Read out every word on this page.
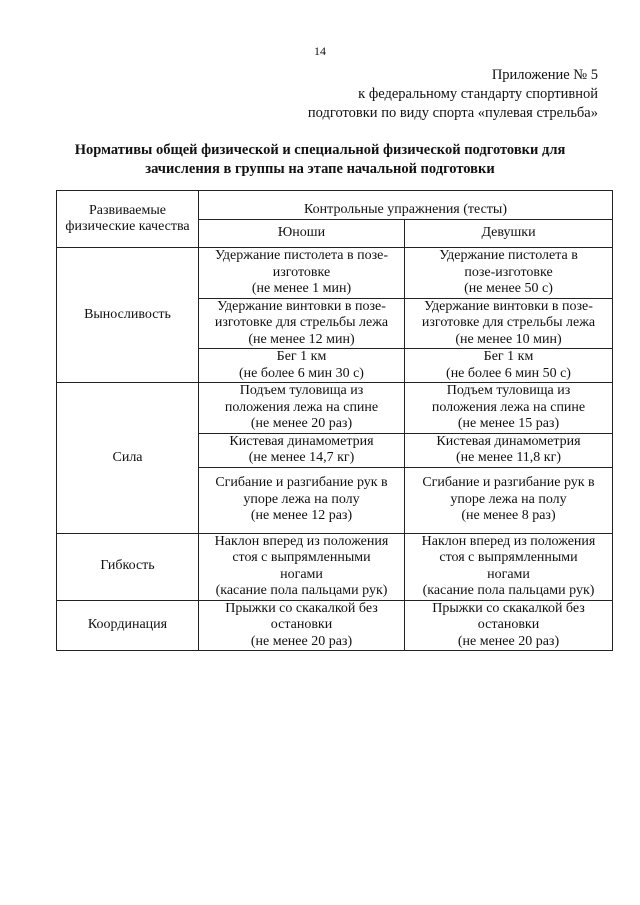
14
Приложение № 5
к федеральному стандарту спортивной
подготовки по виду спорта «пулевая стрельба»
Нормативы общей физической и специальной физической подготовки для
зачисления в группы на этапе начальной подготовки
Развиваемые физические качества	Контрольные упражнения (тесты)	
	Юноши	Девушки
Выносливость	Удержание пистолета в позе-
изготовке
(не менее 1 мин)	Удержание пистолета в
позе-изготовке
(не менее 50 с)

	Удержание винтовки в позе-
изготовке для стрельбы лежа
(не менее 12 мин)	Удержание винтовки в позе-
изготовке для стрельбы лежа
(не менее 10 мин)

	Бег 1 км
(не более 6 мин 30 с)	Бег 1 км
(не более 6 мин 50 с)

Сила	Подъем туловища из
положения лежа на спине
(не менее 20 раз)	Подъем туловища из
положения лежа на спине
(не менее 15 раз)

	Кистевая динамометрия
(не менее 14,7 кг)	Кистевая динамометрия
(не менее 11,8 кг)

	Сгибание и разгибание рук в
упоре лежа на полу
(не менее 12 раз)	Сгибание и разгибание рук в
упоре лежа на полу
(не менее 8 раз)

Гибкость	Наклон вперед из положения
стоя с выпрямленными
ногами
(касание пола пальцами рук)	Наклон вперед из положения
стоя с выпрямленными
ногами
(касание пола пальцами рук)

Координация	Прыжки со скакалкой без
остановки
(не менее 20 раз)	Прыжки со скакалкой без
остановки
(не менее 20 раз)
